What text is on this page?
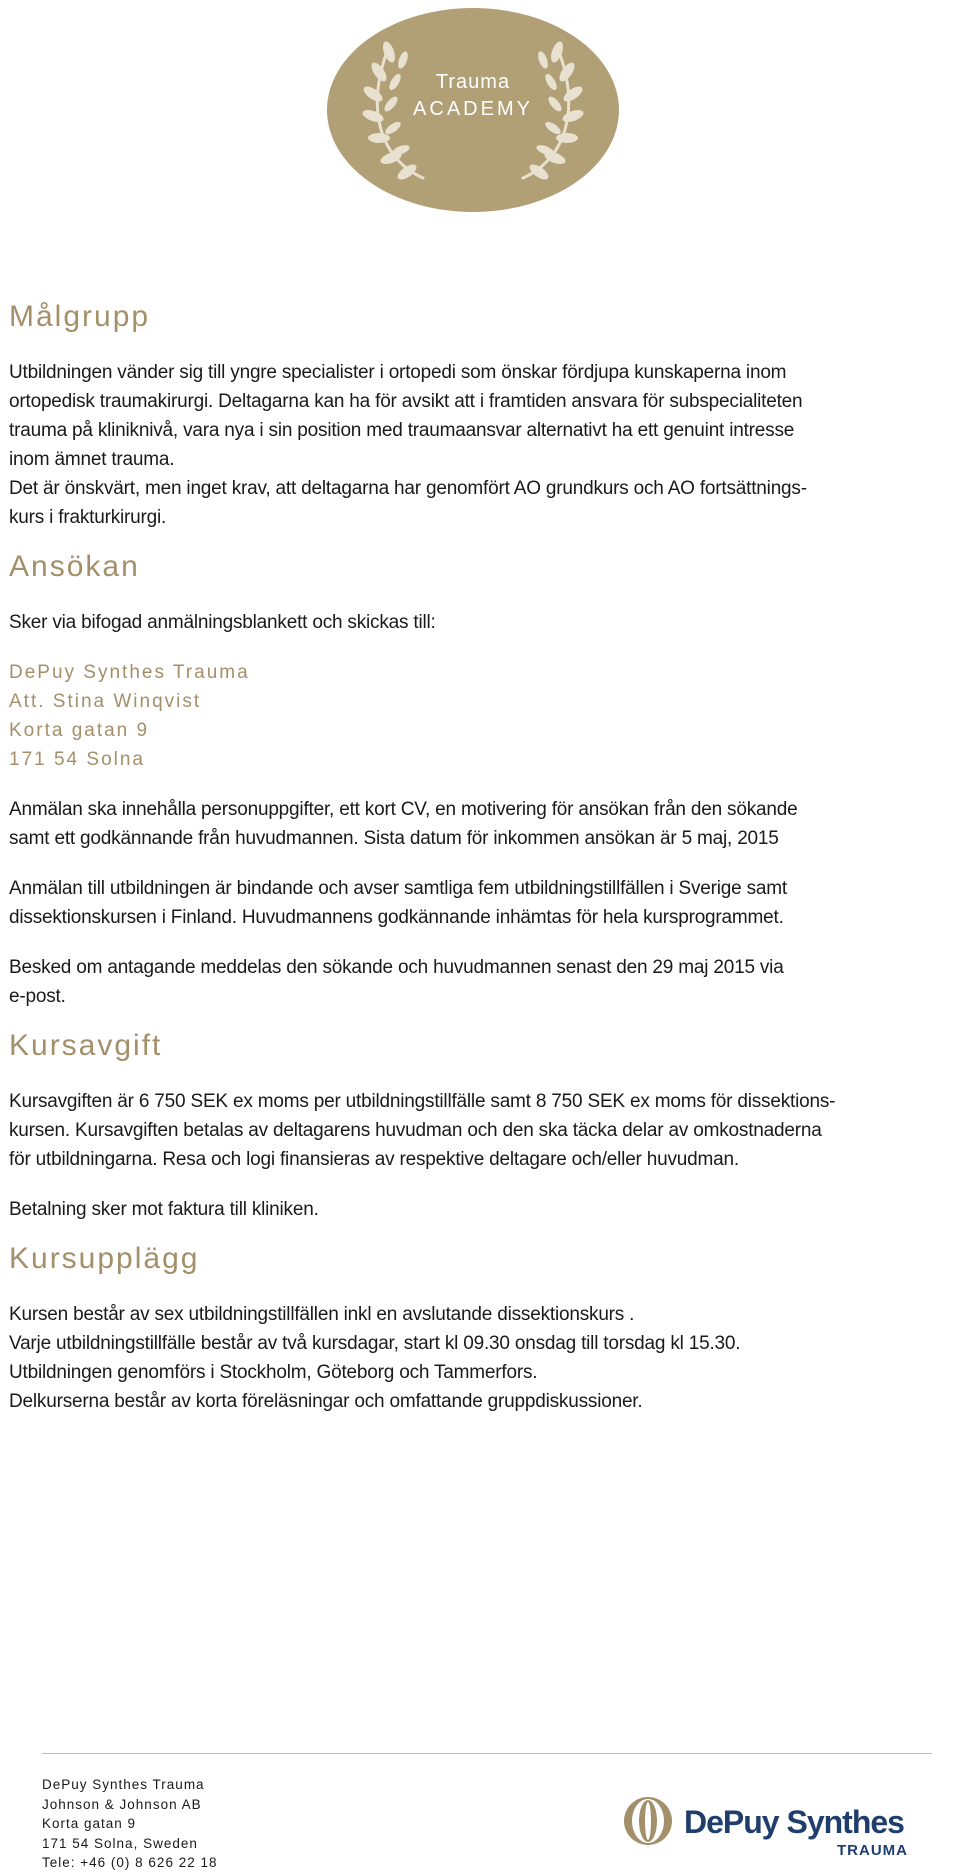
Trauma
ACADEMY
Målgrupp

Utbildningen vänder sig till yngre specialister i ortopedi som önskar fördjupa kunskaperna inom

ortopedisk traumakirurgi. Deltagarna kan ha för avsikt att i framtiden ansvara för subspecialiteten

trauma på kliniknivå, vara nya i sin position med traumaansvar alternativt ha ett genuint intresse

inom ämnet trauma.

Det är önskvärt, men inget krav, att deltagarna har genomfört AO grundkurs och AO fortsättnings-

kurs i frakturkirurgi.

Ansökan

Sker via bifogad anmälningsblankett och skickas till:

DePuy Synthes Trauma
Att. Stina Winqvist
Korta gatan 9
171 54 Solna

Anmälan ska innehålla personuppgifter, ett kort CV, en motivering för ansökan från den sökande

samt ett godkännande från huvudmannen. Sista datum för inkommen ansökan är 5 maj, 2015

Anmälan till utbildningen är bindande och avser samtliga fem utbildningstillfällen i Sverige samt

dissektionskursen i Finland. Huvudmannens godkännande inhämtas för hela kursprogrammet.

Besked om antagande meddelas den sökande och huvudmannen senast den 29 maj 2015 via

e-post.

Kursavgift

Kursavgiften är 6 750 SEK ex moms per utbildningstillfälle samt 8 750 SEK ex moms för dissektions-

kursen. Kursavgiften betalas av deltagarens huvudman och den ska täcka delar av omkostnaderna

för utbildningarna. Resa och logi finansieras av respektive deltagare och/eller huvudman.

Betalning sker mot faktura till kliniken.

Kursupplägg

Kursen består av sex utbildningstillfällen inkl en avslutande dissektionskurs .

Varje utbildningstillfälle består av två kursdagar, start kl 09.30 onsdag till torsdag kl 15.30.

Utbildningen genomförs i Stockholm, Göteborg och Tammerfors.

Delkurserna består av korta föreläsningar och omfattande gruppdiskussioner.

DePuy Synthes Trauma
Johnson & Johnson AB
Korta gatan 9
171 54 Solna, Sweden
Tele: +46 (0) 8 626 22 18
DePuy Synthes
TRAUMA
